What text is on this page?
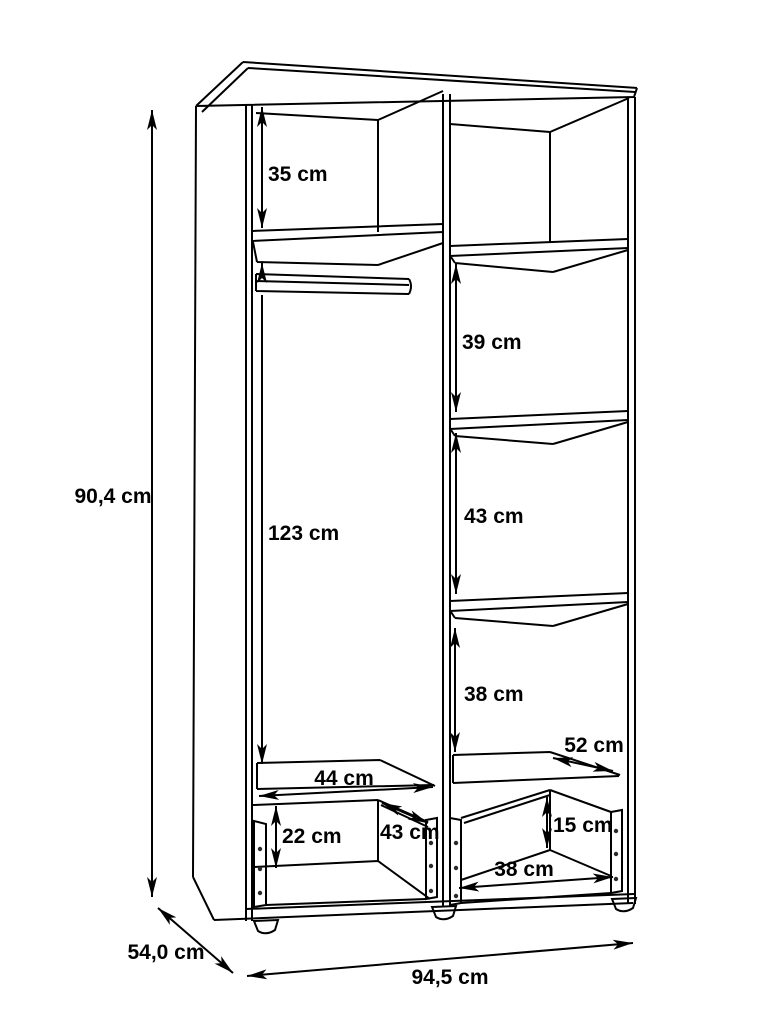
90,4 cm
54,0 cm
94,5 cm
35 cm
123 cm
39 cm
43 cm
38 cm
44 cm
52 cm
22 cm 43 cm	15 cm
38 cm
